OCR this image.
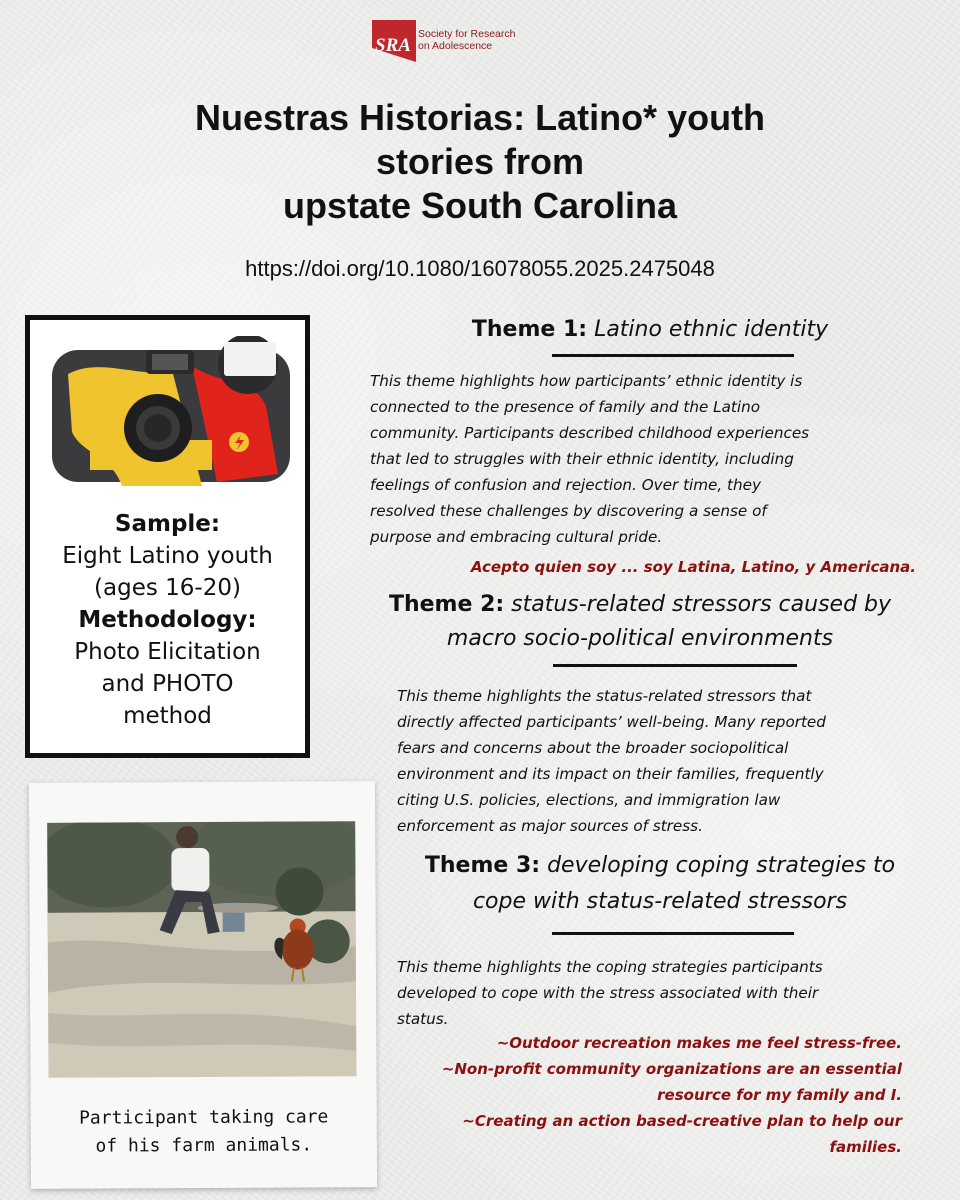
SRA
Society for Research
on Adolescence
Nuestras Historias: Latino* youth
stories from
upstate South Carolina
https://doi.org/10.1080/16078055.2025.2475048
Sample:
Eight Latino youth
(ages 16-20)
Methodology:
Photo Elicitation
and PHOTO
method
Participant taking care
of his farm animals.
Theme 1: Latino ethnic identity
This theme highlights how participants’ ethnic identity is
connected to the presence of family and the Latino
community. Participants described childhood experiences
that led to struggles with their ethnic identity, including
feelings of confusion and rejection. Over time, they
resolved these challenges by discovering a sense of
purpose and embracing cultural pride.
Acepto quien soy ... soy Latina, Latino, y Americana.
Theme 2: status-related stressors caused by
macro socio-political environments
This theme highlights the status-related stressors that
directly affected participants’ well-being. Many reported
fears and concerns about the broader sociopolitical
environment and its impact on their families, frequently
citing U.S. policies, elections, and immigration law
enforcement as major sources of stress.
Theme 3: developing coping strategies to
cope with status-related stressors
This theme highlights the coping strategies participants
developed to cope with the stress associated with their
status.
~Outdoor recreation makes me feel stress-free.
~Non-profit community organizations are an essential
resource for my family and I.
~Creating an action based-creative plan to help our
families.
